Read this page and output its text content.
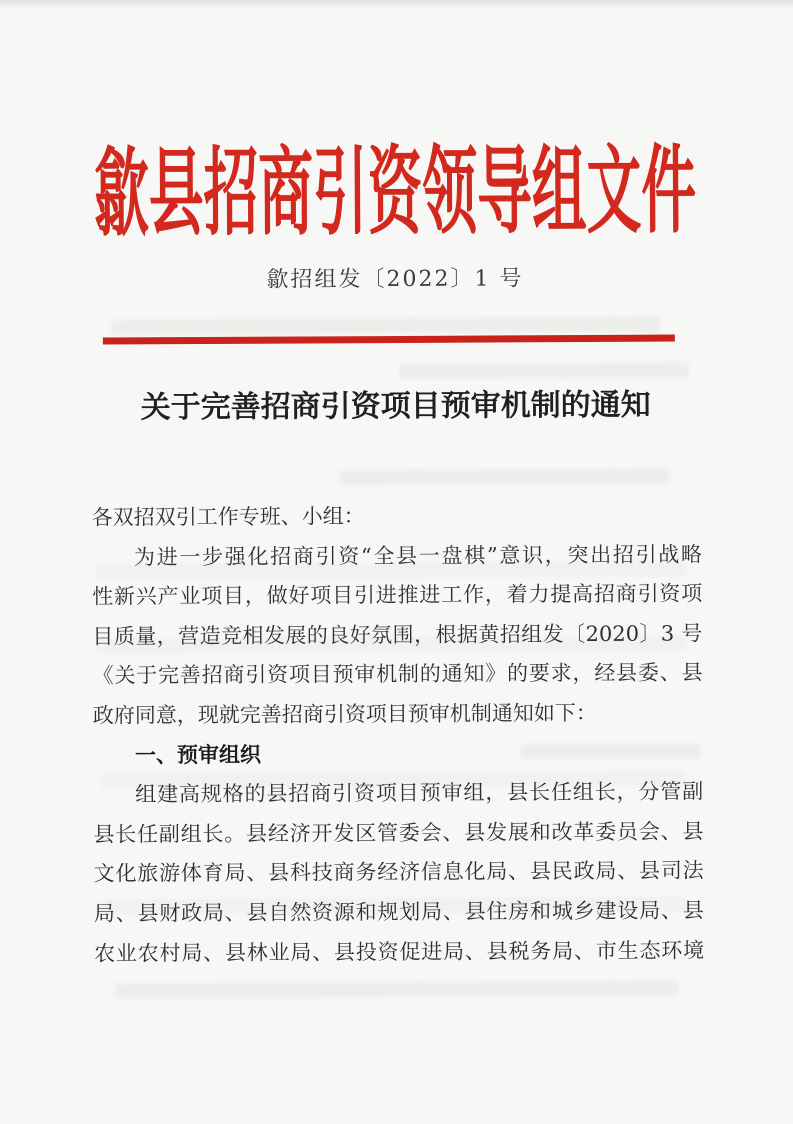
歙县招商引资领导组文件
歙招组发〔2022〕1 号
关于完善招商引资项目预审机制的通知
各双招双引工作专班、小组：
为进一步强化招商引资“全县一盘棋”意识，突出招引战略
性新兴产业项目，做好项目引进推进工作，着力提高招商引资项
目质量，营造竞相发展的良好氛围，根据黄招组发〔2020〕3 号
《关于完善招商引资项目预审机制的通知》的要求，经县委、县
政府同意，现就完善招商引资项目预审机制通知如下：
一、预审组织
组建高规格的县招商引资项目预审组，县长任组长，分管副
县长任副组长。县经济开发区管委会、县发展和改革委员会、县
文化旅游体育局、县科技商务经济信息化局、县民政局、县司法
局、县财政局、县自然资源和规划局、县住房和城乡建设局、县
农业农村局、县林业局、县投资促进局、县税务局、市生态环境
